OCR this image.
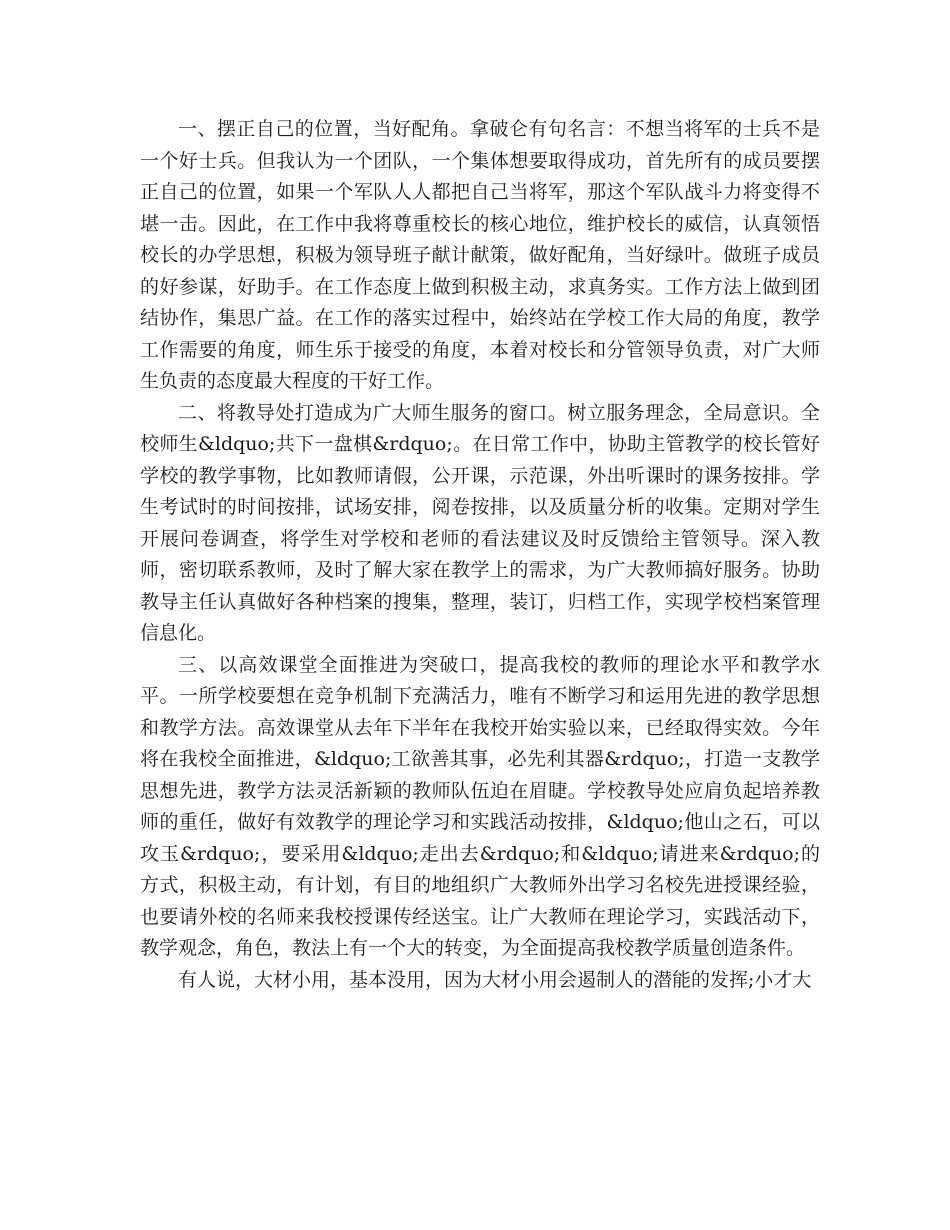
一、摆正自己的位置，当好配角。拿破仑有句名言：不想当将军的士兵不是一个好士兵。但我认为一个团队，一个集体想要取得成功，首先所有的成员要摆正自己的位置，如果一个军队人人都把自己当将军，那这个军队战斗力将变得不堪一击。因此，在工作中我将尊重校长的核心地位，维护校长的威信，认真领悟校长的办学思想，积极为领导班子献计献策，做好配角，当好绿叶。做班子成员的好参谋，好助手。在工作态度上做到积极主动，求真务实。工作方法上做到团结协作，集思广益。在工作的落实过程中，始终站在学校工作大局的角度，教学工作需要的角度，师生乐于接受的角度，本着对校长和分管领导负责，对广大师生负责的态度最大程度的干好工作。

二、将教导处打造成为广大师生服务的窗口。树立服务理念，全局意识。全校师生&ldquo;共下一盘棋&rdquo;。在日常工作中，协助主管教学的校长管好学校的教学事物，比如教师请假，公开课，示范课，外出听课时的课务按排。学生考试时的时间按排，试场安排，阅卷按排，以及质量分析的收集。定期对学生开展问卷调查，将学生对学校和老师的看法建议及时反馈给主管领导。深入教师，密切联系教师，及时了解大家在教学上的需求，为广大教师搞好服务。协助教导主任认真做好各种档案的搜集，整理，装订，归档工作，实现学校档案管理信息化。

三、以高效课堂全面推进为突破口，提高我校的教师的理论水平和教学水平。一所学校要想在竞争机制下充满活力，唯有不断学习和运用先进的教学思想和教学方法。高效课堂从去年下半年在我校开始实验以来，已经取得实效。今年将在我校全面推进，&ldquo;工欲善其事，必先利其器&rdquo;，打造一支教学思想先进，教学方法灵活新颖的教师队伍迫在眉睫。学校教导处应肩负起培养教师的重任，做好有效教学的理论学习和实践活动按排，&ldquo;他山之石，可以攻玉&rdquo;，要采用&ldquo;走出去&rdquo;和&ldquo;请进来&rdquo;的方式，积极主动，有计划，有目的地组织广大教师外出学习名校先进授课经验，也要请外校的名师来我校授课传经送宝。让广大教师在理论学习，实践活动下，教学观念，角色，教法上有一个大的转变，为全面提高我校教学质量创造条件。

有人说，大材小用，基本没用，因为大材小用会遏制人的潜能的发挥;小才大
